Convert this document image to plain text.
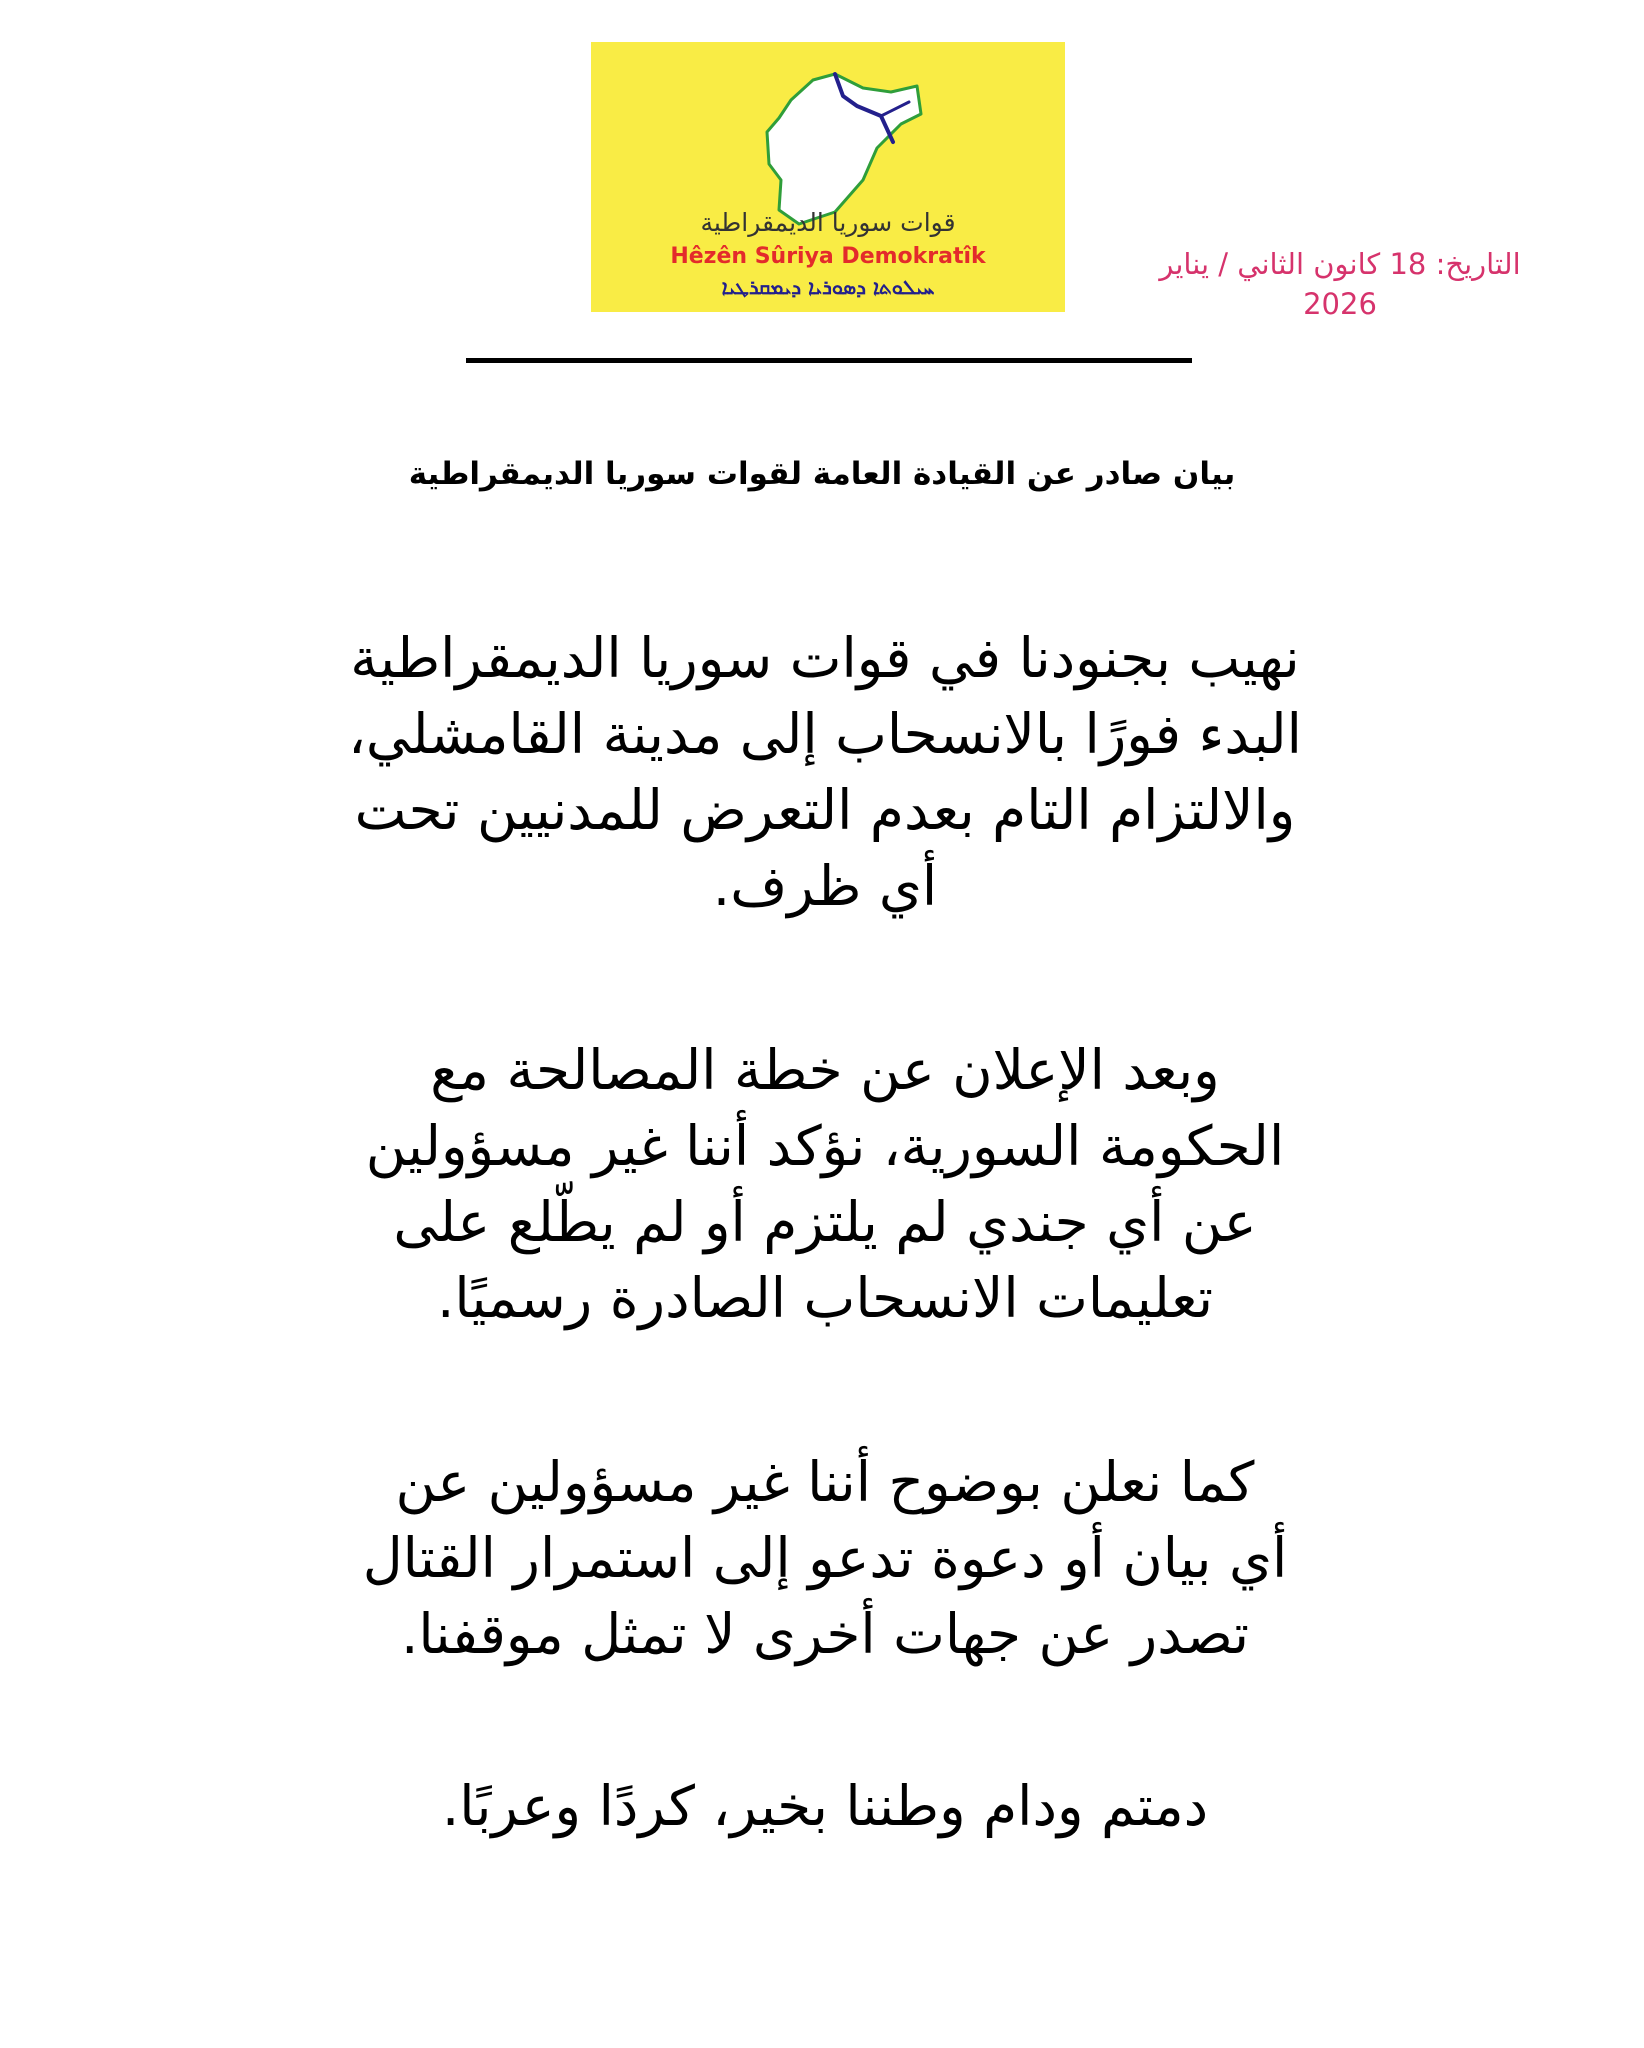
قوات سوريا الديمقراطية
Hêzên Sûriya Demokratîk
ܚܝܠܘܬܐ ܕܣܘܪܝܐ ܕܝܡܩܪܛܝܐ
التاريخ: 18 كانون الثاني / يناير
2026
بيان صادر عن القيادة العامة لقوات سوريا الديمقراطية
نهيب بجنودنا في قوات سوريا الديمقراطية
البدء فورًا بالانسحاب إلى مدينة القامشلي،
والالتزام التام بعدم التعرض للمدنيين تحت
أي ظرف.
وبعد الإعلان عن خطة المصالحة مع
الحكومة السورية، نؤكد أننا غير مسؤولين
عن أي جندي لم يلتزم أو لم يطّلع على
تعليمات الانسحاب الصادرة رسميًا.
كما نعلن بوضوح أننا غير مسؤولين عن
أي بيان أو دعوة تدعو إلى استمرار القتال
تصدر عن جهات أخرى لا تمثل موقفنا.
دمتم ودام وطننا بخير، كردًا وعربًا.
